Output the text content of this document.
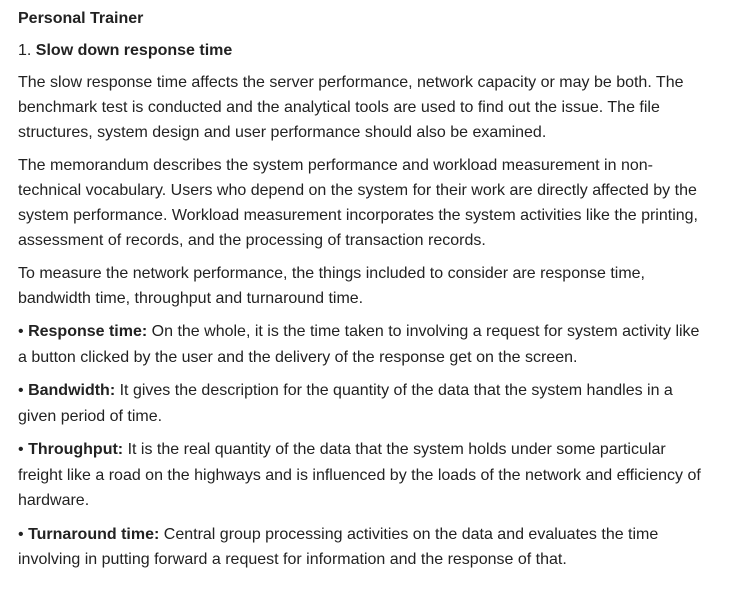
Personal Trainer
1. Slow down response time

The slow response time affects the server performance, network capacity or may be both. The benchmark test is conducted and the analytical tools are used to find out the issue. The file structures, system design and user performance should also be examined.

The memorandum describes the system performance and workload measurement in non-technical vocabulary. Users who depend on the system for their work are directly affected by the system performance. Workload measurement incorporates the system activities like the printing, assessment of records, and the processing of transaction records.

To measure the network performance, the things included to consider are response time, bandwidth time, throughput and turnaround time.

• Response time: On the whole, it is the time taken to involving a request for system activity like a button clicked by the user and the delivery of the response get on the screen.

• Bandwidth: It gives the description for the quantity of the data that the system handles in a given period of time.

• Throughput: It is the real quantity of the data that the system holds under some particular freight like a road on the highways and is influenced by the loads of the network and efficiency of hardware.

• Turnaround time: Central group processing activities on the data and evaluates the time involving in putting forward a request for information and the response of that.
